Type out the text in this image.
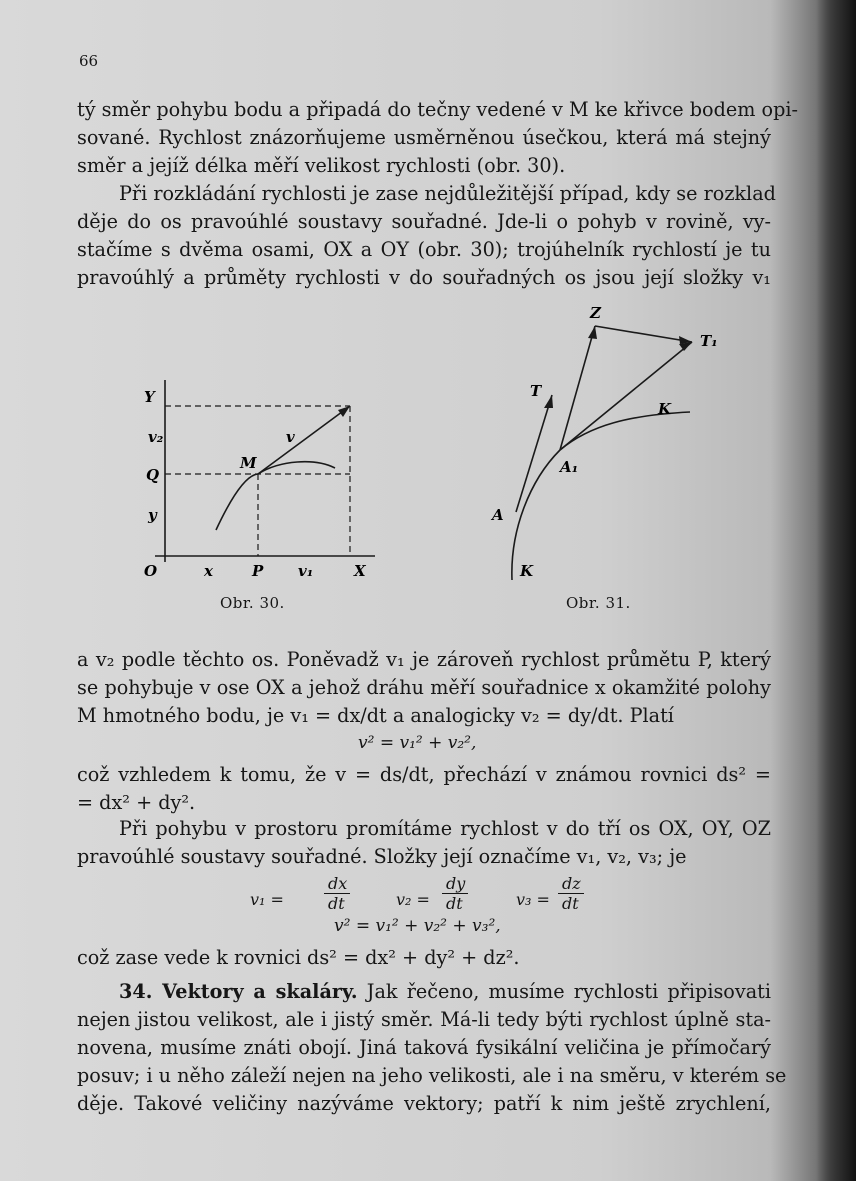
66
tý směr pohybu bodu a připadá do tečny vedené v M ke křivce bodem opi-
sované. Rychlost znázorňujeme usměrněnou úsečkou, která má stejný
směr a jejíž délka měří velikost rychlosti (obr. 30).
Při rozkládání rychlosti je zase nejdůležitější případ, kdy se rozklad
děje do os pravoúhlé soustavy souřadné. Jde-li o pohyb v rovině, vy-
stačíme s dvěma osami, OX a OY (obr. 30); trojúhelník rychlostí je tu
pravoúhlý a průměty rychlosti v do souřadných os jsou její složky v₁
Y
v₂
Q
y
O	x	P v₁	X
M
v
Obr. 30.
Z
T₁
T
K
A₁
A
K
Obr. 31.
a v₂ podle těchto os. Poněvadž v₁ je zároveň rychlost průmětu P, který
se pohybuje v ose OX a jehož dráhu měří souřadnice x okamžité polohy
M hmotného bodu, je v₁ = dx/dt a analogicky v₂ = dy/dt. Platí
v² = v₁² + v₂²,
což vzhledem k tomu, že v = ds/dt, přechází v známou rovnici ds² =
= dx² + dy².
Při pohybu v prostoru promítáme rychlost v do tří os OX, OY, OZ
pravoúhlé soustavy souřadné. Složky její označíme v₁, v₂, v₃; je
v₁ =
dx
dt	v₂ =
dy
dt	v₃ =
dz
dt
v² = v₁² + v₂² + v₃²,
což zase vede k rovnici ds² = dx² + dy² + dz².
34. Vektory a skaláry. Jak řečeno, musíme rychlosti připisovati
nejen jistou velikost, ale i jistý směr. Má-li tedy býti rychlost úplně sta-
novena, musíme znáti obojí. Jiná taková fysikální veličina je přímočarý
posuv; i u něho záleží nejen na jeho velikosti, ale i na směru, v kterém se
děje. Takové veličiny nazýváme vektory; patří k nim ještě zrychlení,
